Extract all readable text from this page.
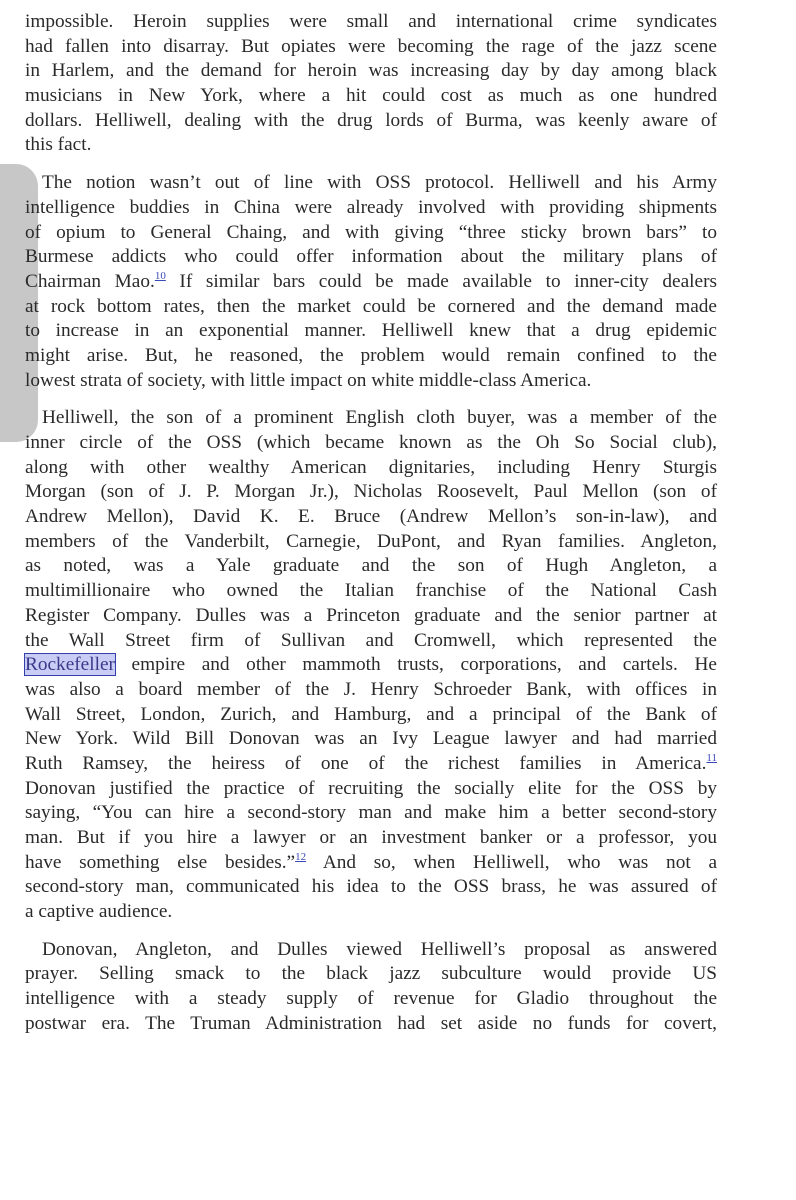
impossible. Heroin supplies were small and international crime syndicates
had fallen into disarray. But opiates were becoming the rage of the jazz scene
in Harlem, and the demand for heroin was increasing day by day among black
musicians in New York, where a hit could cost as much as one hundred
dollars. Helliwell, dealing with the drug lords of Burma, was keenly aware of
this fact.
The notion wasn’t out of line with OSS protocol. Helliwell and his Army
intelligence buddies in China were already involved with providing shipments
of opium to General Chaing, and with giving “three sticky brown bars” to
Burmese addicts who could offer information about the military plans of
Chairman Mao.$^{10}$ If similar bars could be made available to inner-city dealers
at rock bottom rates, then the market could be cornered and the demand made
to increase in an exponential manner. Helliwell knew that a drug epidemic
might arise. But, he reasoned, the problem would remain confined to the
lowest strata of society, with little impact on white middle-class America.
Helliwell, the son of a prominent English cloth buyer, was a member of the
inner circle of the OSS (which became known as the Oh So Social club),
along with other wealthy American dignitaries, including Henry Sturgis
Morgan (son of J. P. Morgan Jr.), Nicholas Roosevelt, Paul Mellon (son of
Andrew Mellon), David K. E. Bruce (Andrew Mellon’s son-in-law), and
members of the Vanderbilt, Carnegie, DuPont, and Ryan families. Angleton,
as noted, was a Yale graduate and the son of Hugh Angleton, a
multimillionaire who owned the Italian franchise of the National Cash
Register Company. Dulles was a Princeton graduate and the senior partner at
the Wall Street firm of Sullivan and Cromwell, which represented the
Rockefeller empire and other mammoth trusts, corporations, and cartels. He
was also a board member of the J. Henry Schroeder Bank, with offices in
Wall Street, London, Zurich, and Hamburg, and a principal of the Bank of
New York. Wild Bill Donovan was an Ivy League lawyer and had married
Ruth Ramsey, the heiress of one of the richest families in America.$^{11}$
Donovan justified the practice of recruiting the socially elite for the OSS by
saying, “You can hire a second-story man and make him a better second-story
man. But if you hire a lawyer or an investment banker or a professor, you
have something else besides.”$^{12}$ And so, when Helliwell, who was not a
second-story man, communicated his idea to the OSS brass, he was assured of
a captive audience.
Donovan, Angleton, and Dulles viewed Helliwell’s proposal as answered
prayer. Selling smack to the black jazz subculture would provide US
intelligence with a steady supply of revenue for Gladio throughout the
postwar era. The Truman Administration had set aside no funds for covert,
